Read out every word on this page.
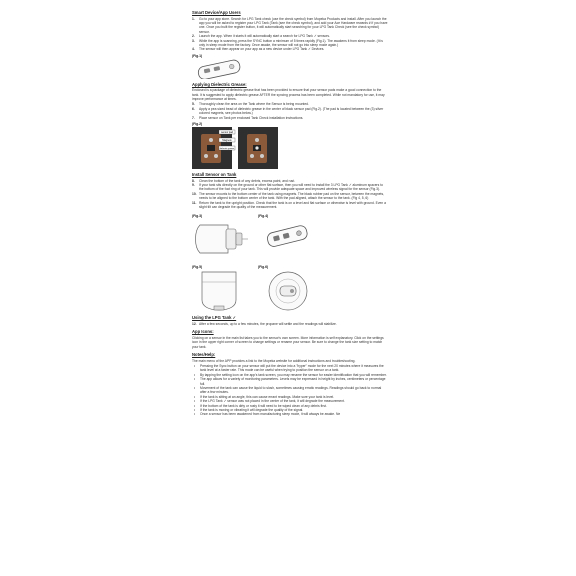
Smart Device/App Users
1.	Go to your app store. Search for LPG Tank check (use the check symbol) from Mopeka Products and install. After you launch the app you will be asked to register your LPG Tank (Tank (see the check symbol), and add your Ace Hardware rewards # if you have one. Once you built the register button, it will automatically start searching for your LPG Tank Check (see the check symbol) sensor.
2.	Launch the app. When it starts it will automatically start a search for LPG Tank ✓ sensors.
3.	While the app is scanning, press the SYNC button a minimum of 5 times rapidly (Fig.1). The awakens it from sleep mode. (It is only in sleep mode from the factory. Once awake, the sensor will not go into sleep mode again.)
4.	The sensor will then appear on your app as a new device under LPG Tank ✓ Devices.
(Fig.1)
Applying Dielectric Grease:
Enclosed is a package of dielectric grease that has been provided to ensure that your sensor pads make a good connection to the tank. It is suggested to apply dielectric grease AFTER the syncing process has been completed. While not mandatory for use, it may improve performance at times.
5.	Thoroughly clean the area on the Tank where the Sensor is being mounted.
6.	Apply a pea sized bead of dielectric grease in the center of black sensor pad (Fig.2). (The pad is located between the (3) silver colored magnets, see photos below.)
7.	Place sensor on Tank per enclosed Tank Check installation instructions.
(Fig.2)
sensor pad
Magnets
dielectric grease
Install Sensor on Tank
8.	Clean the bottom of the tank of any debris, excess paint, and rust.
9.	If your tank sits directly on the ground or other flat surface, then you will need to install the 3 LPG Tank ✓ aluminum spacers to the bottom of the foot ring of your tank. This will provide adequate space and improved wireless signal for the sensor (Fig.3).
10. The sensor mounts to the bottom center of the tank using magnets. The black rubber pad on the sensor, between the magnets, needs to be aligned to the bottom center of the tank. With the pad aligned, attach the sensor to the tank. (Fig 4, 5, 6)
11. Return the tank to the upright position. Check that the tank is on a level and flat surface or otherwise is level with ground. Even a slight tilt can degrade the quality of the measurement.
(Fig.3)	(Fig.4)
(Fig.5)	(Fig.6)
Using the LPG Tank ✓
12. After a few seconds, up to a few minutes, the propane will settle and the readings will stabilize.
App Icons:
Clicking on a sensor in the main list takes you to the sensor's own screen. More information is self explanatory. Click on the settings icon in the upper right corner of screen to change settings or rename your sensor. Be sure to change the tank size setting to match your tank.
Notes/Help:
The main menu of the APP provides a link to the Mopeka website for additional instructions and troubleshooting.
•	Pressing the Sync button on your sensor will put the device into a "hyper" mode for the next 20 minutes where it measures the tank level at a faster rate. This mode can be useful when trying to position the sensor on a tank.
•	By tapping the setting icon on the app's tank screen, you may rename the sensor for easier identification that you will remember.
•	The app allows for a variety of monitoring parameters. Levels may be expressed in height by inches, centimeters or percentage full.
•	Movement of the tank can cause the liquid to slosh, sometimes causing erratic readings. Readings should go back to normal after a few minutes.
•	If the tank is sitting at an angle, this can cause errant readings. Make sure your tank is level.
•	If the LPG Tank ✓ sensor was not placed in the center of the tank, it will degrade the measurement.
•	If the bottom of the tank is dirty or rusty it will need to be wiped clean of any debris first.
•	If the tank is moving or vibrating it will degrade the quality of the signal.
•	Once a sensor has been awakened from manufacturing sleep mode, it will always be awake. Ne
